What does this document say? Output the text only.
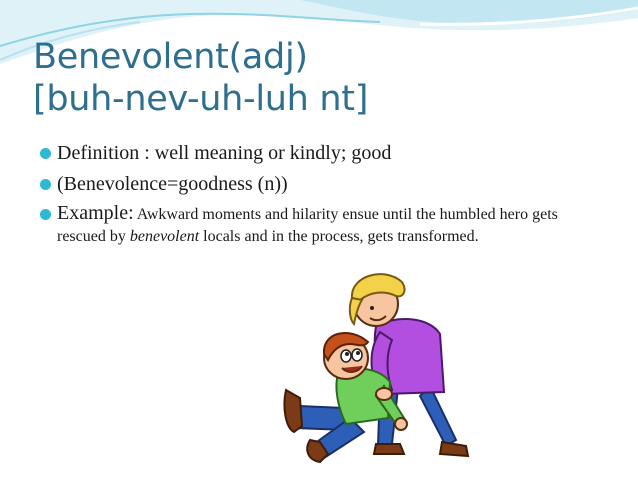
Benevolent(adj)
[buh-nev-uh-luh nt]
Definition : well meaning or kindly; good
(Benevolence=goodness (n))
Example: Awkward moments and hilarity ensue until the humbled hero gets rescued by benevolent locals and in the process, gets transformed.
